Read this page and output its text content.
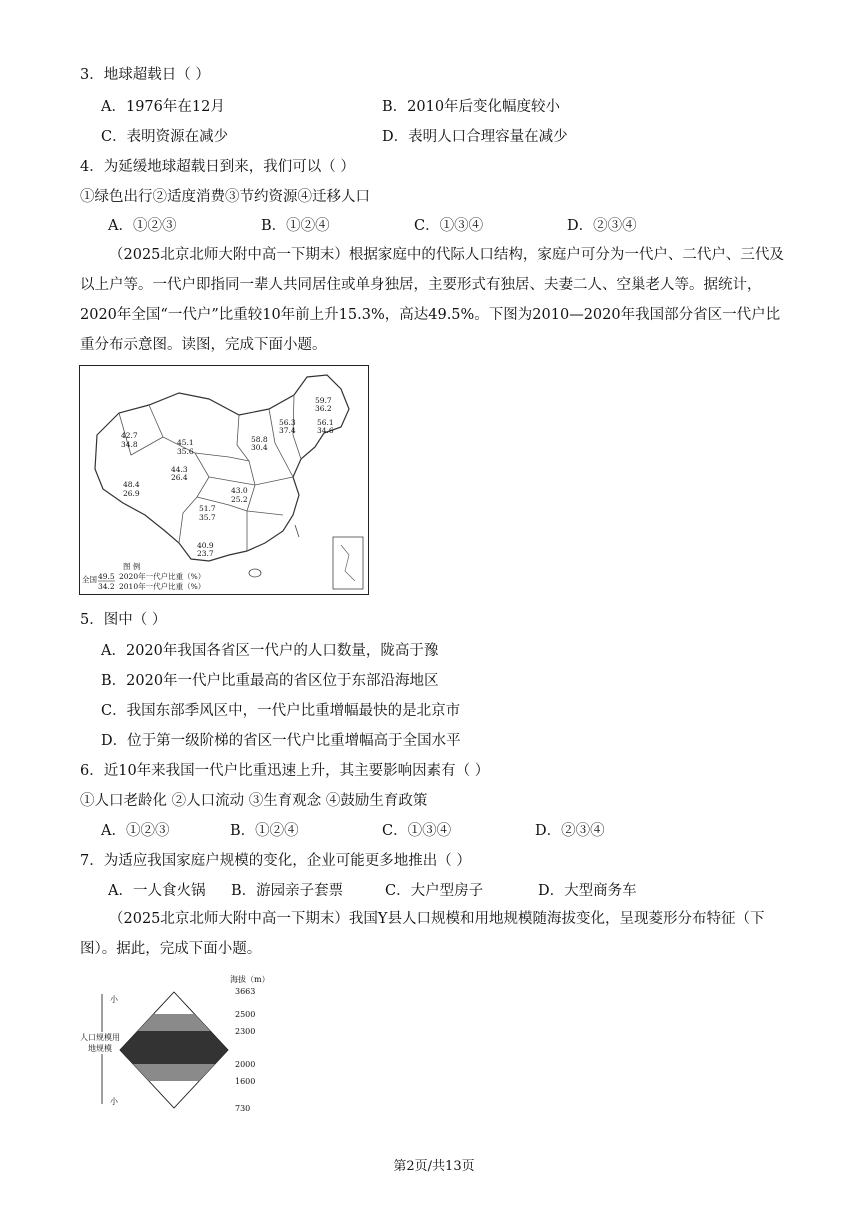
3．地球超载日（ ）
A．1976年在12月	B．2010年后变化幅度较小
C．表明资源在减少	D．表明人口合理容量在减少
4．为延缓地球超载日到来，我们可以（ ）
①绿色出行②适度消费③节约资源④迁移人口
A．①②③	B．①②④	C．①③④	D．②③④
（2025北京北师大附中高一下期末）根据家庭中的代际人口结构，家庭户可分为一代户、二代户、三代及以上户等。一代户即指同一辈人共同居住或单身独居，主要形式有独居、夫妻二人、空巢老人等。据统计，2020年全国“一代户”比重较10年前上升15.3%，高达49.5%。下图为2010—2020年我国部分省区一代户比重分布示意图。读图，完成下面小题。
59.7
36.2
56.1
34.6
56.3
37.4
58.8
30.4
42.7
34.8	45.1
35.6
44.3
26.4
48.4
26.9	43.0
25.2
51.7
35.7
40.9
23.7
图 例
全国 49.5
34.2
2020年一代户比重（%）
2010年一代户比重（%）
5．图中（ ）
A．2020年我国各省区一代户的人口数量，陇高于豫
B．2020年一代户比重最高的省区位于东部沿海地区
C．我国东部季风区中，一代户比重增幅最快的是北京市
D．位于第一级阶梯的省区一代户比重增幅高于全国水平
6．近10年来我国一代户比重迅速上升，其主要影响因素有（ ）
①人口老龄化 ②人口流动 ③生育观念 ④鼓励生育政策
A．①②③	B．①②④	C．①③④	D．②③④
7．为适应我国家庭户规模的变化，企业可能更多地推出（ ）
A．一人食火锅 B．游园亲子套票	C．大户型房子	D．大型商务车
（2025北京北师大附中高一下期末）我国Y县人口规模和用地规模随海拔变化，呈现菱形分布特征（下图）。据此，完成下面小题。
海拔（m）
小
小
人口规模用地规模
3663
2500
2300
2000
1600
730
第2页/共13页
